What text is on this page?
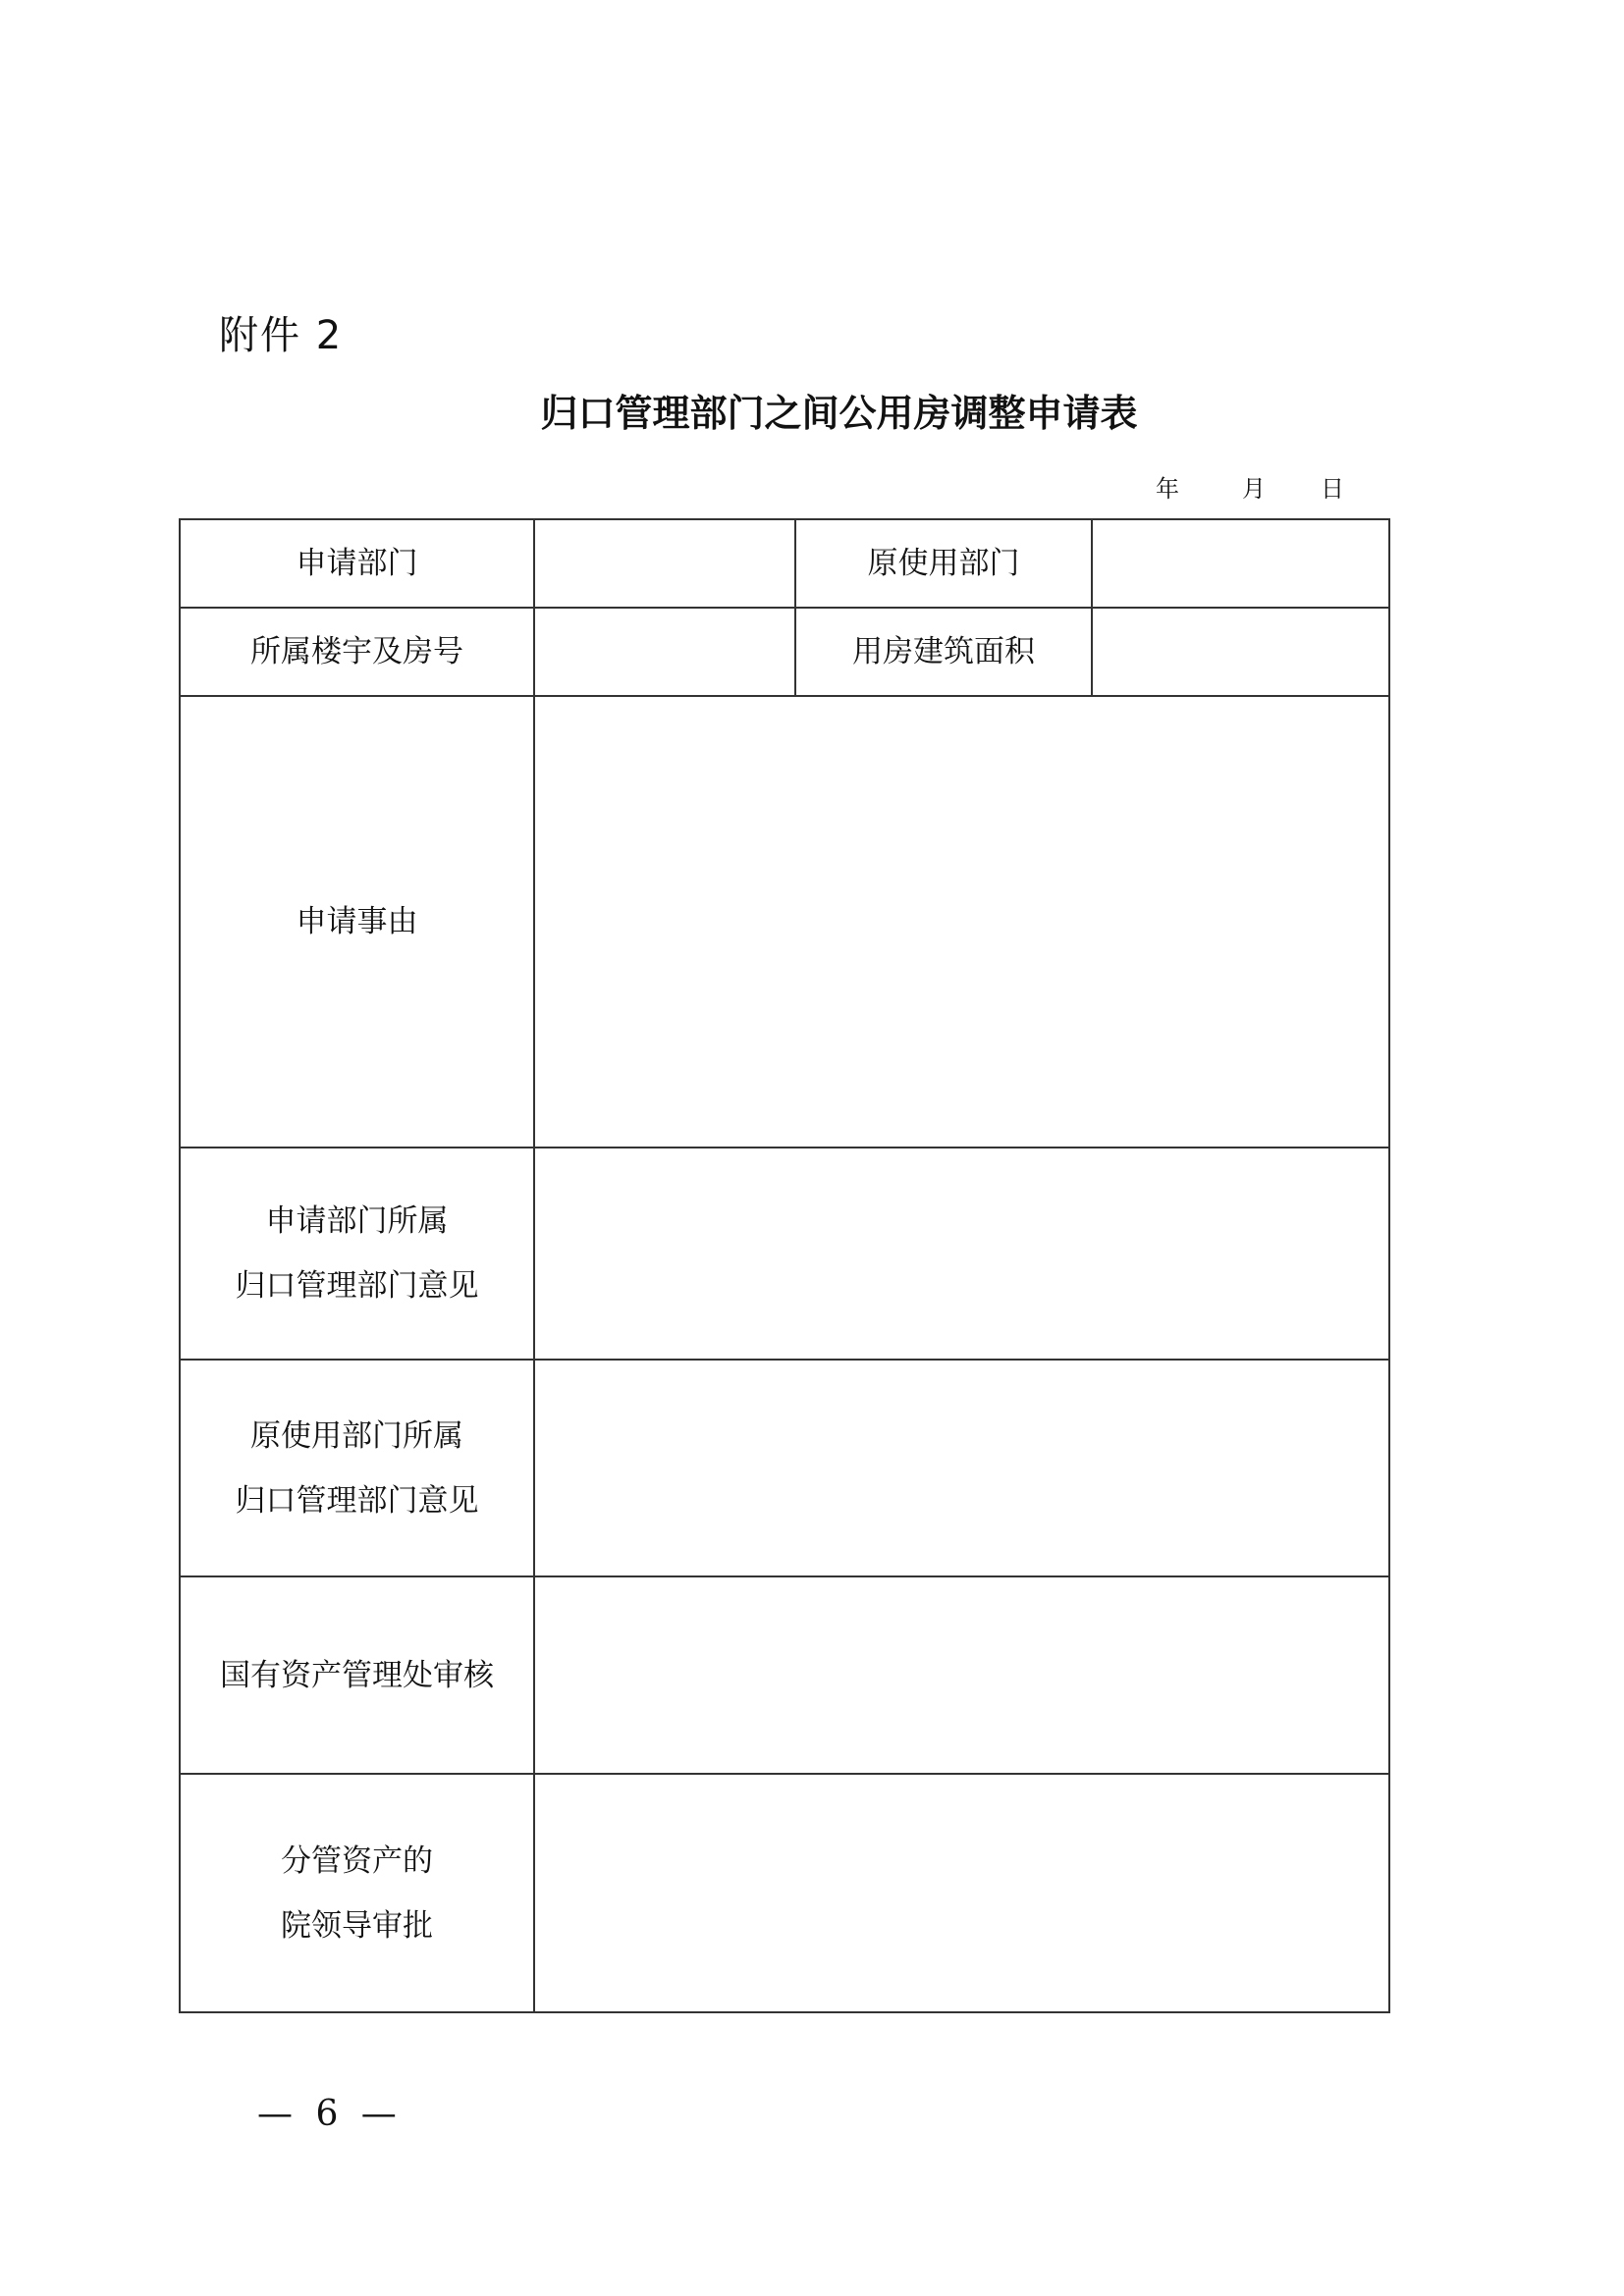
附件 2
归口管理部门之间公用房调整申请表
年	月 日
申请部门		原使用部门	
所属楼宇及房号		用房建筑面积	
申请事由			

申请部门所属
归口管理部门意见			

原使用部门所属
归口管理部门意见			

国有资产管理处审核			

分管资产的
院领导审批			

— 6 —
